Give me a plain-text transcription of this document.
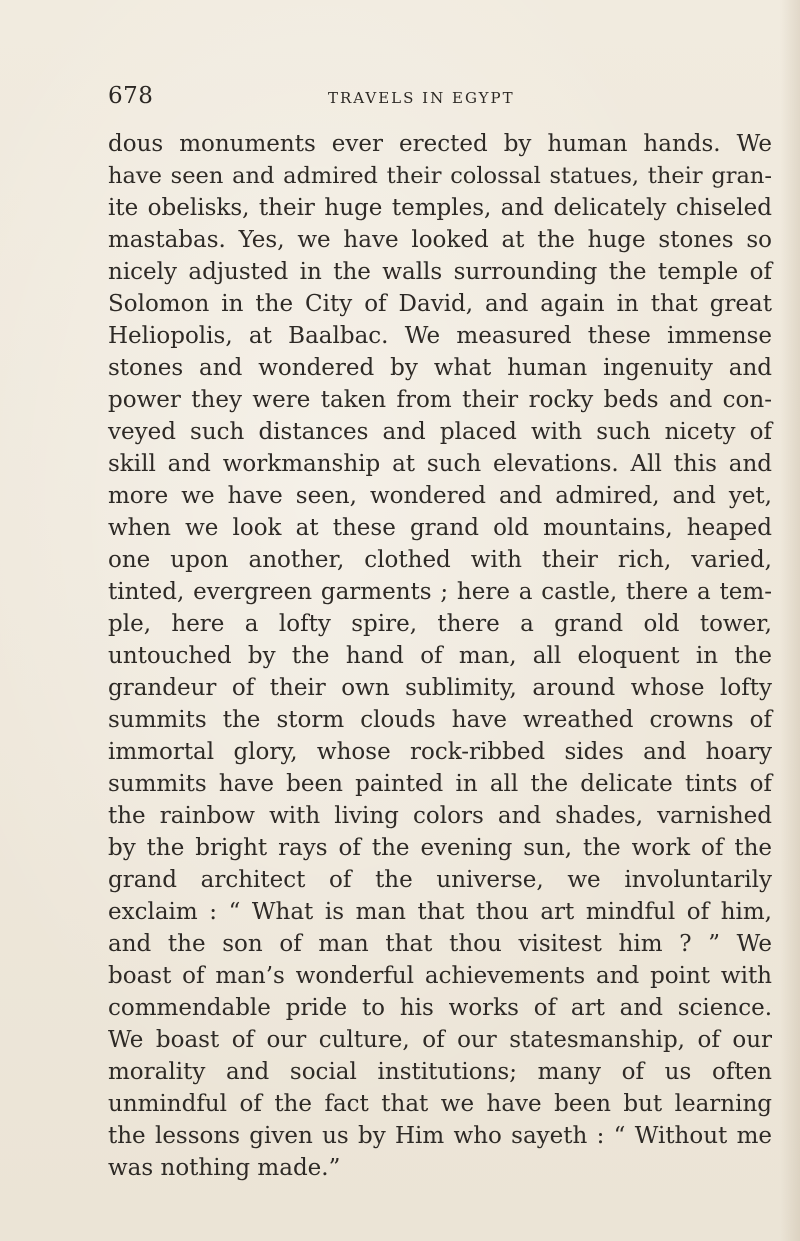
678	TRAVELS IN EGYPT
dous monuments ever erected by human hands. We
have seen and admired their colossal statues, their gran-
ite obelisks, their huge temples, and delicately chiseled
mastabas. Yes, we have looked at the huge stones so
nicely adjusted in the walls surrounding the temple of
Solomon in the City of David, and again in that great
Heliopolis, at Baalbac. We measured these immense
stones and wondered by what human ingenuity and
power they were taken from their rocky beds and con-
veyed such distances and placed with such nicety of
skill and workmanship at such elevations. All this and
more we have seen, wondered and admired, and yet,
when we look at these grand old mountains, heaped
one upon another, clothed with their rich, varied,
tinted, evergreen garments ; here a castle, there a tem-
ple, here a lofty spire, there a grand old tower,
untouched by the hand of man, all eloquent in the
grandeur of their own sublimity, around whose lofty
summits the storm clouds have wreathed crowns of
immortal glory, whose rock-ribbed sides and hoary
summits have been painted in all the delicate tints of
the rainbow with living colors and shades, varnished
by the bright rays of the evening sun, the work of the
grand architect of the universe, we involuntarily
exclaim : “ What is man that thou art mindful of him,
and the son of man that thou visitest him ? ” We
boast of man’s wonderful achievements and point with
commendable pride to his works of art and science.
We boast of our culture, of our statesmanship, of our
morality and social institutions; many of us often
unmindful of the fact that we have been but learning
the lessons given us by Him who sayeth : “ Without me
was nothing made.”
